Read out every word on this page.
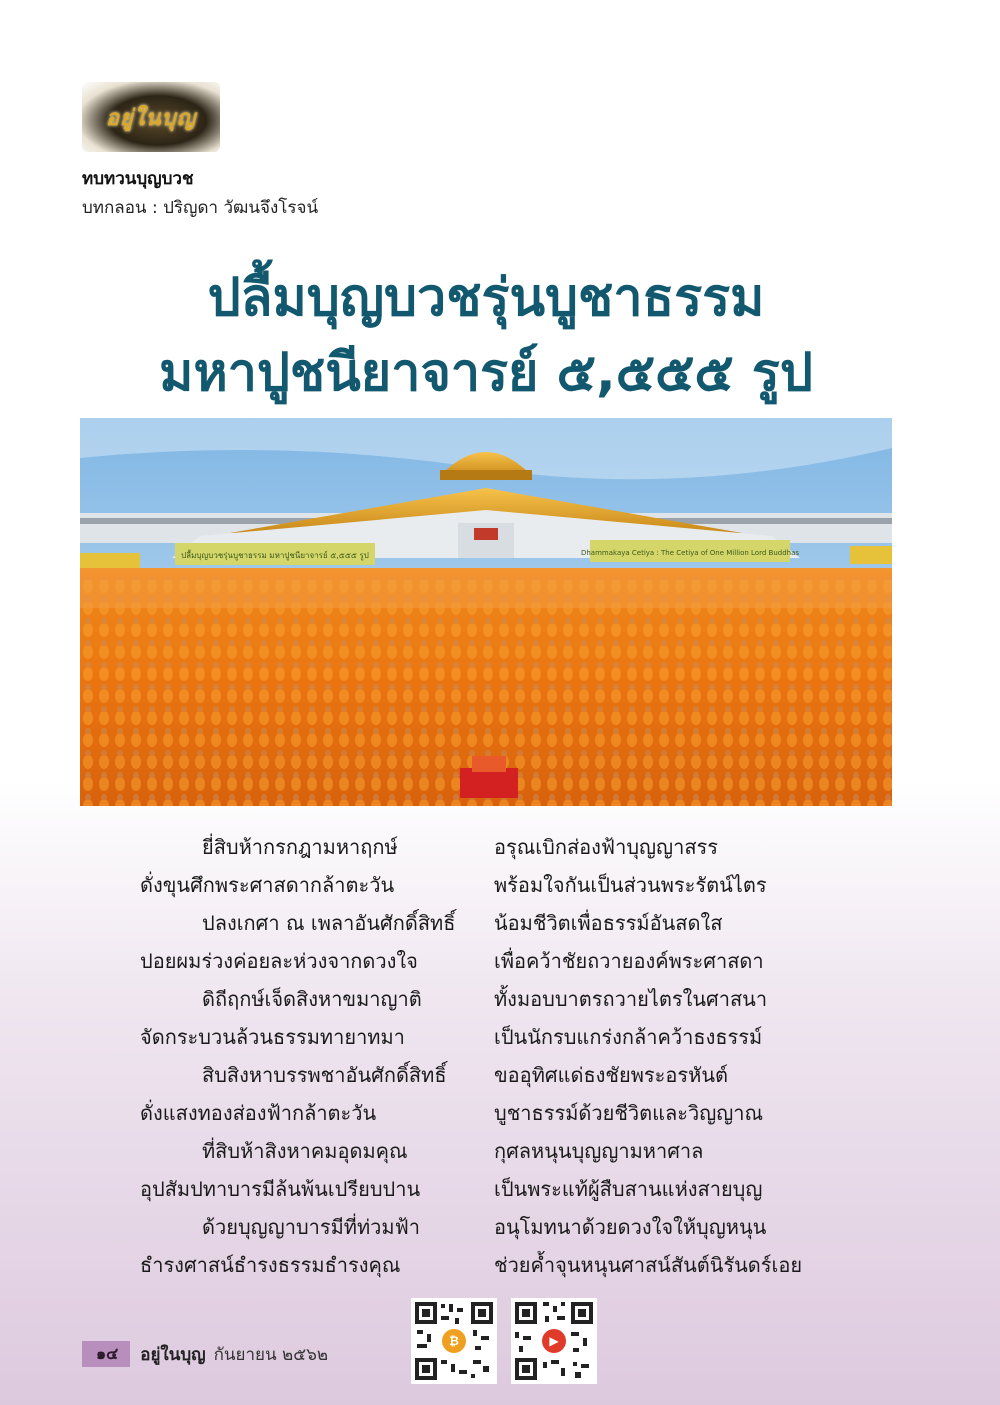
อยู่ในบุญ
ทบทวนบุญบวช
บทกลอน : ปริญดา วัฒนจึงโรจน์
ปลื้มบุญบวชรุ่นบูชาธรรม
มหาปูชนียาจารย์ ๕,๕๕๕ รูป
ปลื้มบุญบวชรุ่นบูชาธรรม มหาปูชนียาจารย์ ๕,๕๕๕ รูป	Dhammakaya Cetiya : The Cetiya of One Million Lord Buddhas
ยี่สิบห้ากรกฎามหาฤกษ์
ดั่งขุนศึกพระศาสดากล้าตะวัน
ปลงเกศา ณ เพลาอันศักดิ์สิทธิ์
ปอยผมร่วงค่อยละห่วงจากดวงใจ
ดิถีฤกษ์เจ็ดสิงหาขมาญาติ
จัดกระบวนล้วนธรรมทายาทมา
สิบสิงหาบรรพชาอันศักดิ์สิทธิ์
ดั่งแสงทองส่องฟ้ากล้าตะวัน
ที่สิบห้าสิงหาคมอุดมคุณ
อุปสัมปทาบารมีล้นพ้นเปรียบปาน
ด้วยบุญญาบารมีที่ท่วมฟ้า
ธำรงศาสน์ธำรงธรรมธำรงคุณ
อรุณเบิกส่องฟ้าบุญญาสรร
พร้อมใจกันเป็นส่วนพระรัตน์ไตร
น้อมชีวิตเพื่อธรรม์อันสดใส
เพื่อคว้าชัยถวายองค์พระศาสดา
ทั้งมอบบาตรถวายไตรในศาสนา
เป็นนักรบแกร่งกล้าคว้าธงธรรม์
ขออุทิศแด่ธงชัยพระอรหันต์
บูชาธรรม์ด้วยชีวิตและวิญญาณ
กุศลหนุนบุญญามหาศาล
เป็นพระแท้ผู้สืบสานแห่งสายบุญ
อนุโมทนาด้วยดวงใจให้บุญหนุน
ช่วยค้ำจุนหนุนศาสน์สันต์นิรันดร์เอย
₿	▶
๑๔	อยู่ในบุญ กันยายน ๒๕๖๒
